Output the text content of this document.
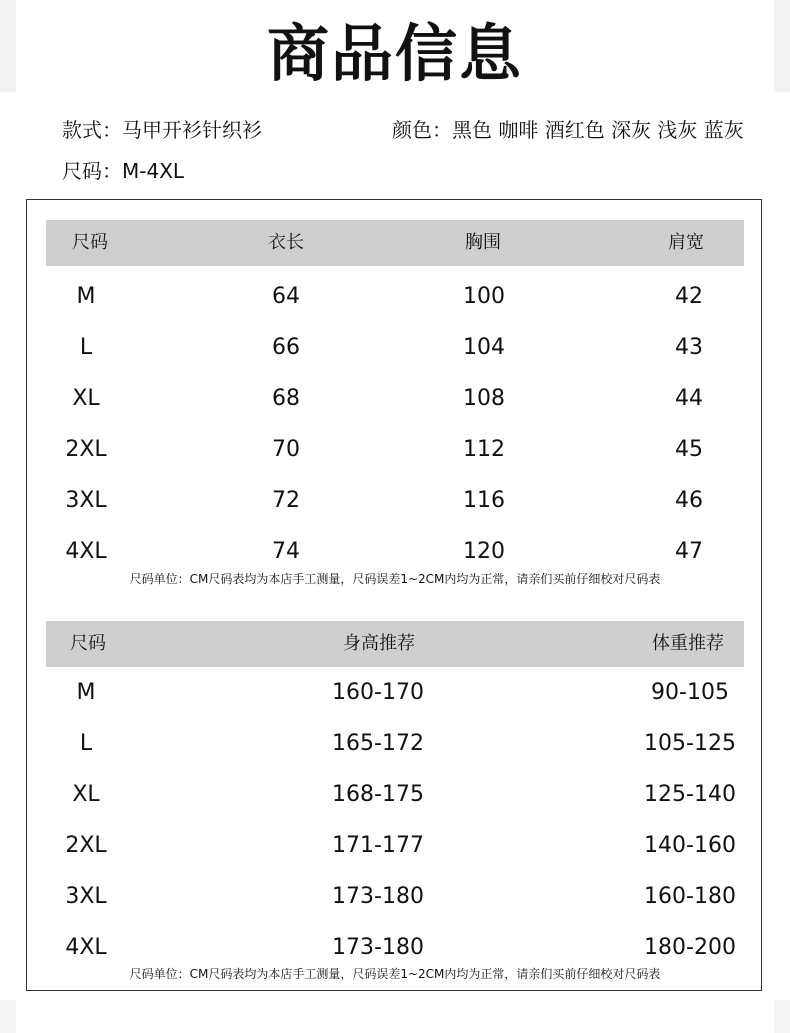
商品信息
款式：马甲开衫针织衫	颜色：黑色 咖啡 酒红色 深灰 浅灰 蓝灰
尺码：M-4XL
尺码	衣长	胸围	肩宽
M	64	100	42
L	66	104	43
XL	68	108	44
2XL	70	112	45
3XL	72	116	46
4XL	74	120	47
尺码单位：CM尺码表均为本店手工测量，尺码误差1~2CM内均为正常，请亲们买前仔细校对尺码表
尺码	身高推荐	体重推荐
M	160-170	90-105
L	165-172	105-125
XL	168-175	125-140
2XL	171-177	140-160
3XL	173-180	160-180
4XL	173-180	180-200
尺码单位：CM尺码表均为本店手工测量，尺码误差1~2CM内均为正常，请亲们买前仔细校对尺码表
